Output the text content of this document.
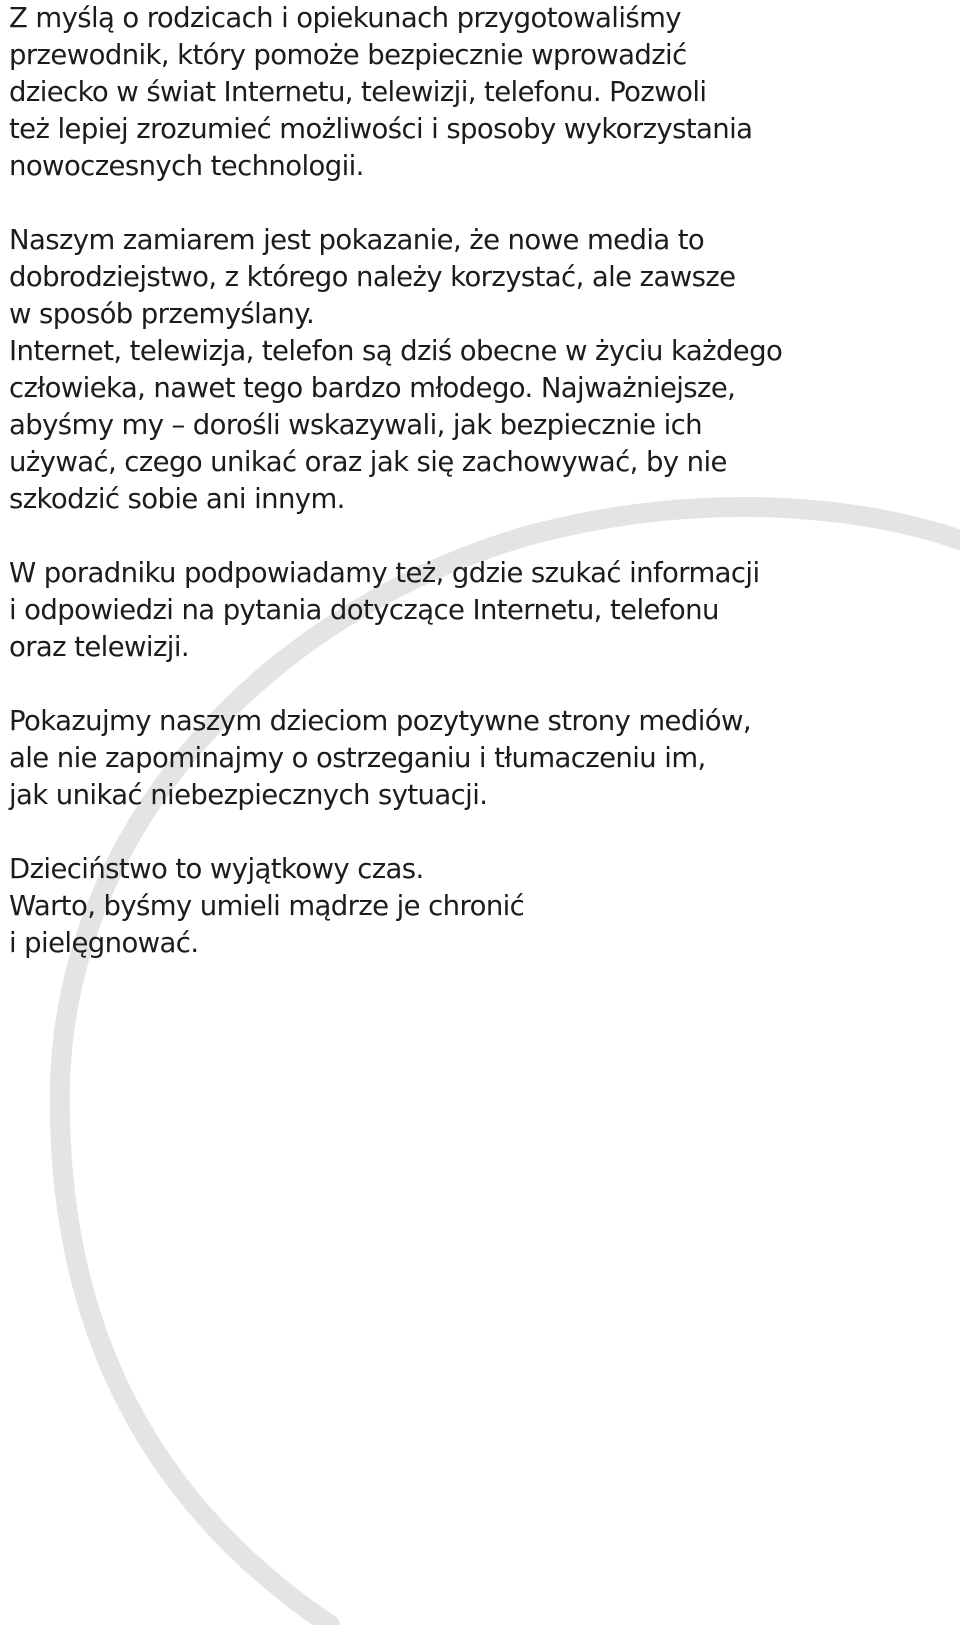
Z myślą o rodzicach i opiekunach przygotowaliśmy
przewodnik, który pomoże bezpiecznie wprowadzić
dziecko w świat Internetu, telewizji, telefonu. Pozwoli
też lepiej zrozumieć możliwości i sposoby wykorzystania
nowoczesnych technologii.

Naszym zamiarem jest pokazanie, że nowe media to
dobrodziejstwo, z którego należy korzystać, ale zawsze
w sposób przemyślany.
Internet, telewizja, telefon są dziś obecne w życiu każdego
człowieka, nawet tego bardzo młodego. Najważniejsze,
abyśmy my – dorośli wskazywali, jak bezpiecznie ich
używać, czego unikać oraz jak się zachowywać, by nie
szkodzić sobie ani innym.

W poradniku podpowiadamy też, gdzie szukać informacji
i odpowiedzi na pytania dotyczące Internetu, telefonu
oraz telewizji.

Pokazujmy naszym dzieciom pozytywne strony mediów,
ale nie zapominajmy o ostrzeganiu i tłumaczeniu im,
jak unikać niebezpiecznych sytuacji.

Dzieciństwo to wyjątkowy czas.
Warto, byśmy umieli mądrze je chronić
i pielęgnować.
